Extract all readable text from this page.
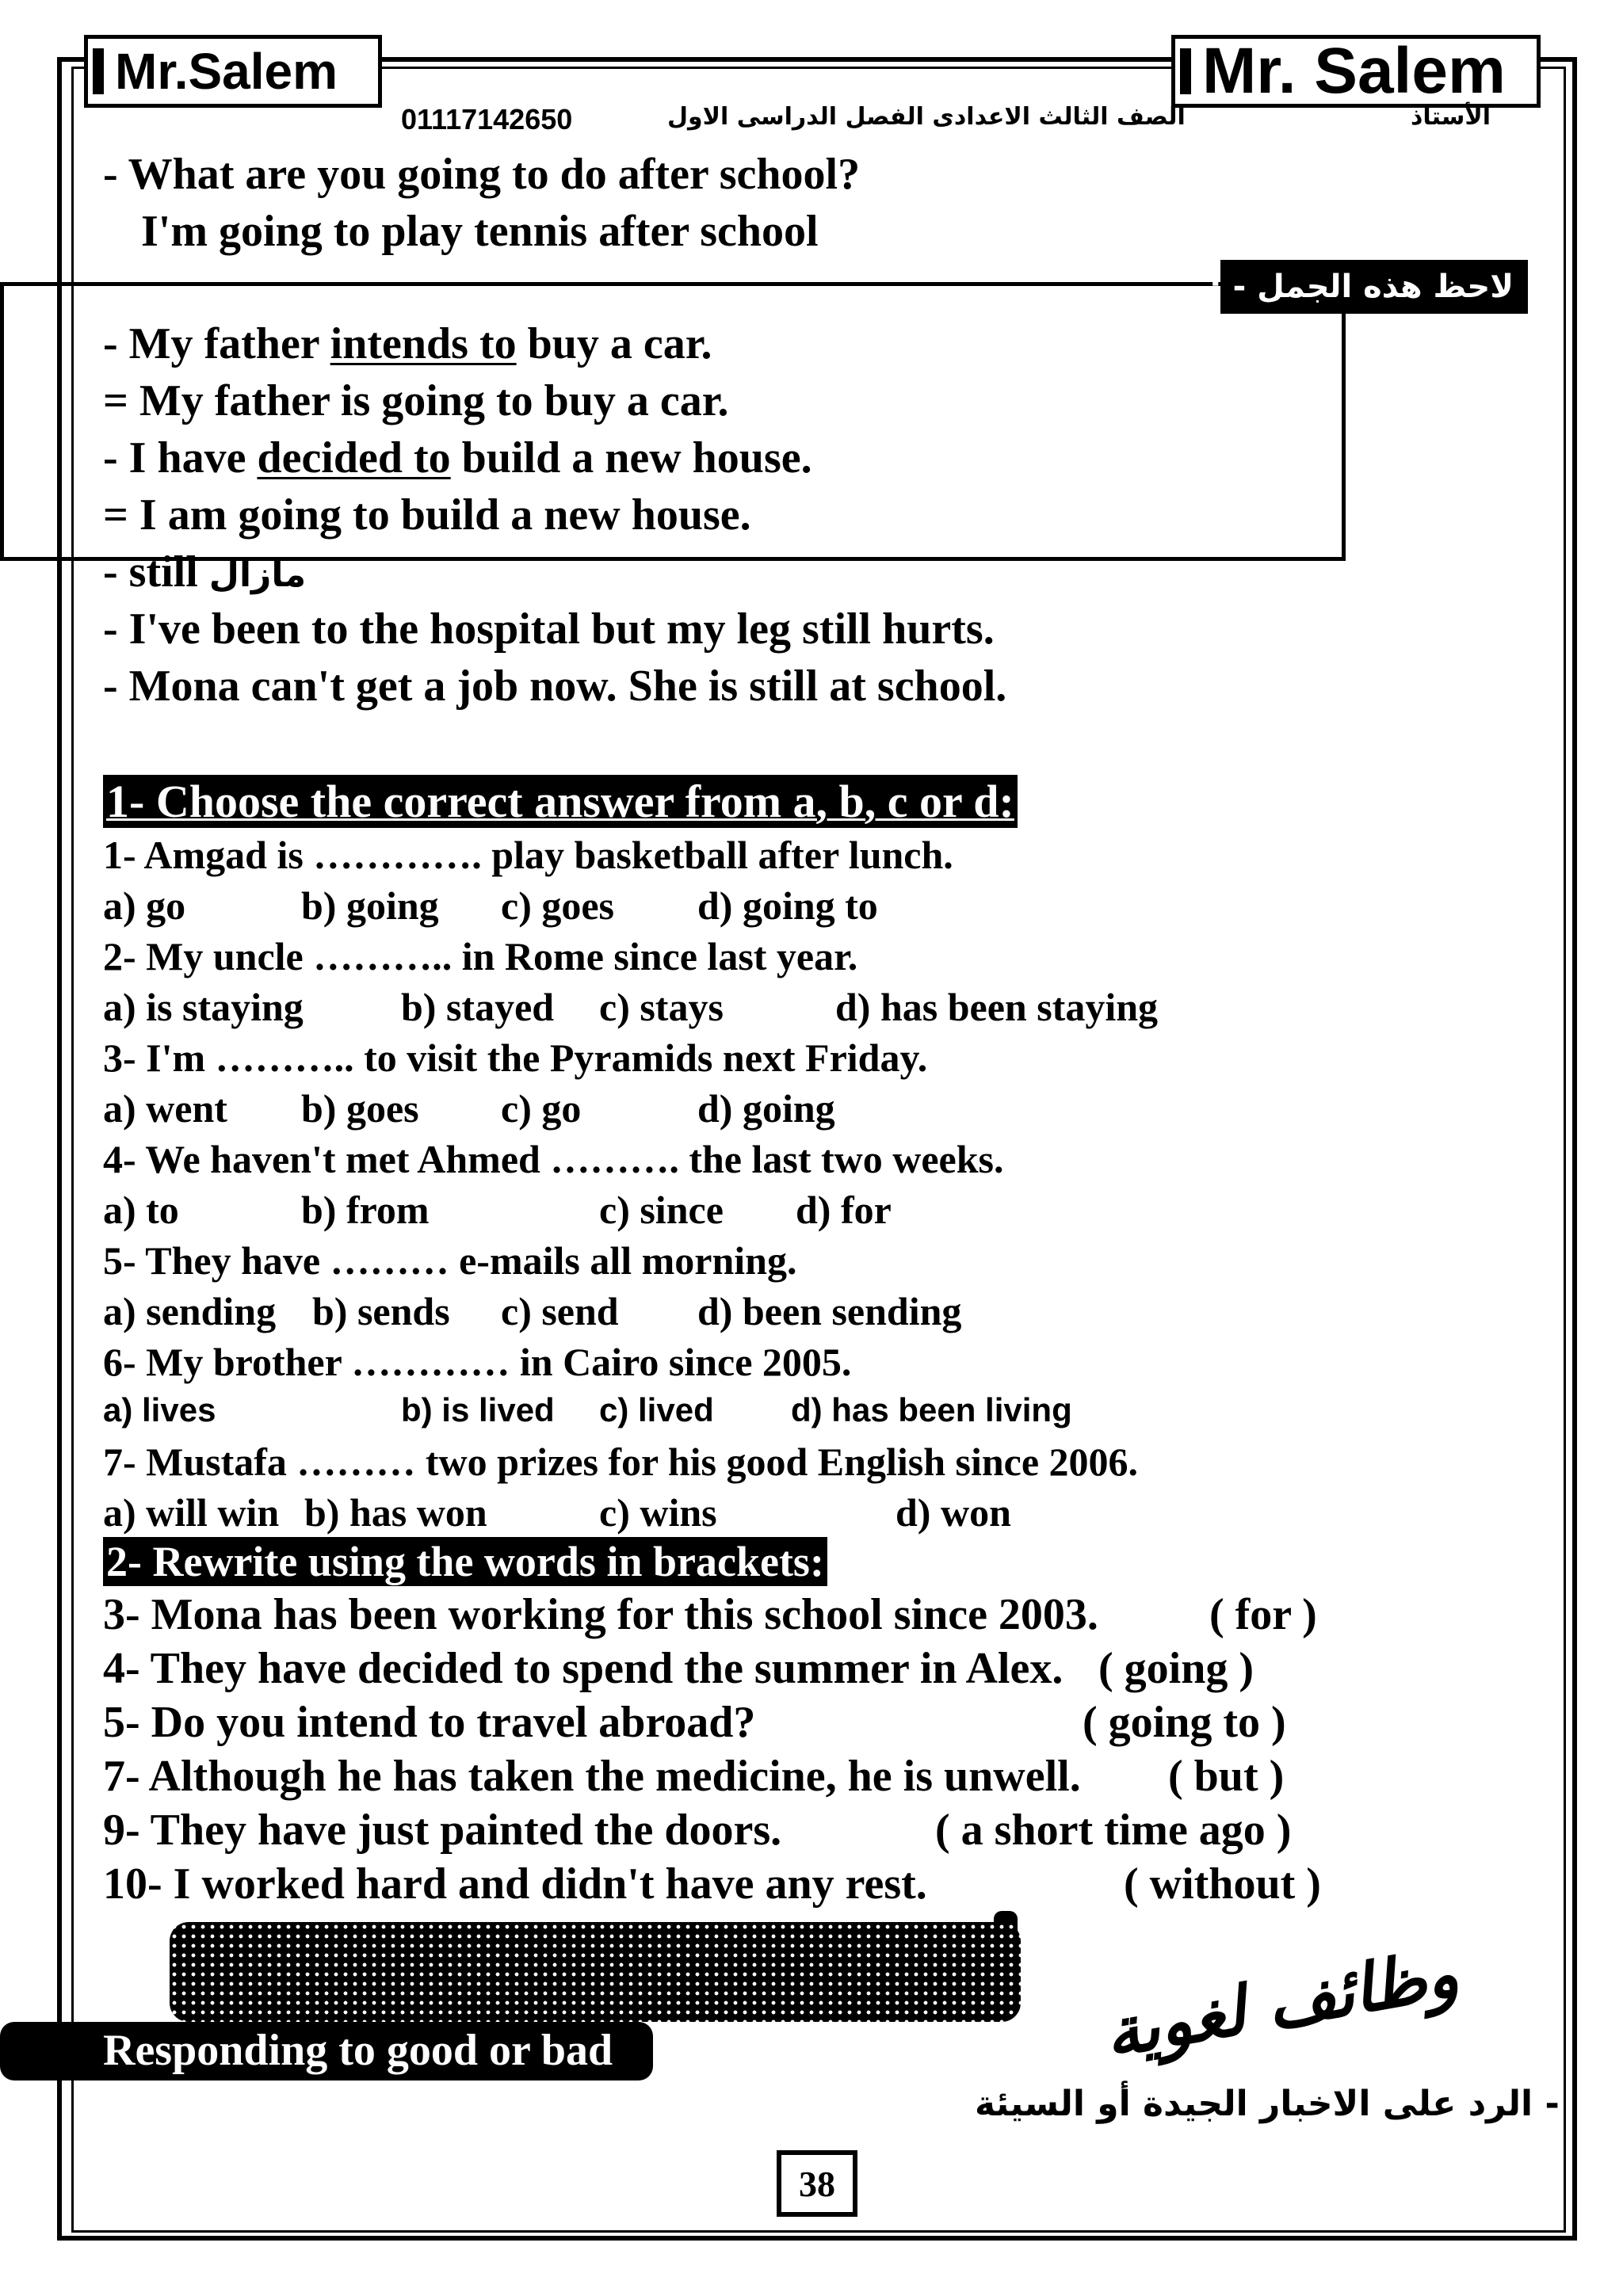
Mr.Salem	Mr. Salem
01117142650	الصف الثالث الاعدادى الفصل الدراسى الاول	الأستاذ
- What are you going to do after school?
I'm going to play tennis after school
لاحظ هذه الجمل - :
- My father intends to buy a car.
= My father is going to buy a car.
- I have decided to build a new house.
= I am going to build a new house.
- still مازال
- I've been to the hospital but my leg still hurts.
- Mona can't get a job now. She is still at school.
1- Choose the correct answer from a, b, c or d:
1- Amgad is …………. play basketball after lunch.
a) go	b) going c) goes d) going to
2- My uncle ……….. in Rome since last year.
a) is staying b) stayed c) stays	d) has been staying
3- I'm ……….. to visit the Pyramids next Friday.
a) went b) goes c) go	d) going
4- We haven't met Ahmed ………. the last two weeks.
a) to	b) from	c) since d) for
5- They have ……… e-mails all morning.
a) sending b) sends c) send d) been sending
6- My brother ………… in Cairo since 2005.
a) lives	b) is lived c) lived d) has been living
7- Mustafa ……… two prizes for his good English since 2006.
a) will win b) has won	c) wins	d) won
2- Rewrite using the words in brackets:
3- Mona has been working for this school since 2003.	( for )
4- They have decided to spend the summer in Alex. ( going )
5- Do you intend to travel abroad?	( going to )
7- Although he has taken the medicine, he is unwell. ( but )
9- They have just painted the doors.	( a short time ago )
10- I worked hard and didn't have any rest.	( without )
Responding to good or bad	وظائف لغوية
- الرد على الاخبار الجيدة أو السيئة
38
